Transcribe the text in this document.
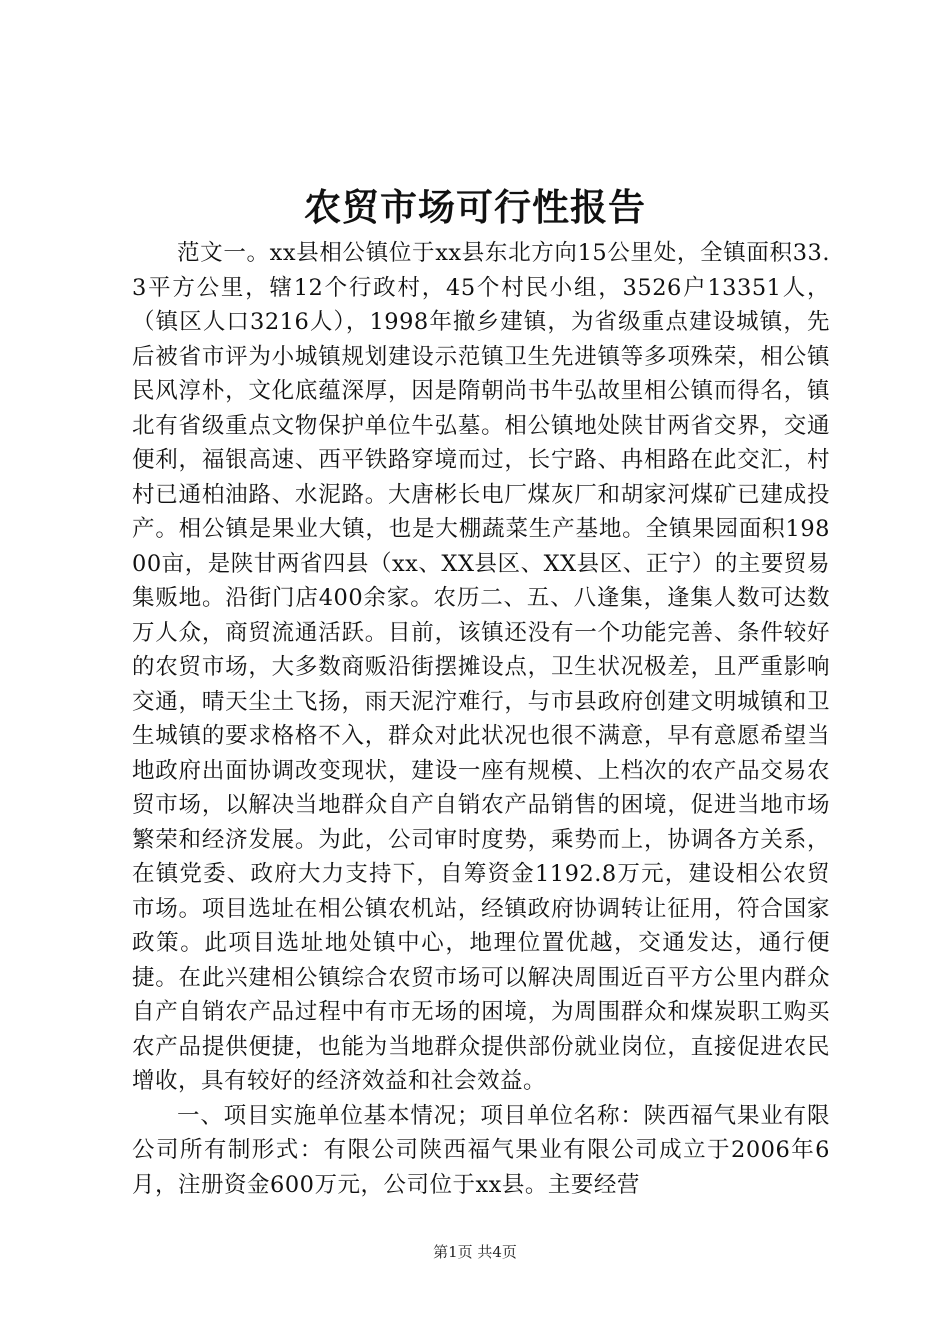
农贸市场可行性报告

范文一。xx县相公镇位于xx县东北方向15公里处，全镇面积33.3平方公里，辖12个行政村，45个村民小组，3526户13351人，（镇区人口3216人），1998年撤乡建镇，为省级重点建设城镇，先后被省市评为小城镇规划建设示范镇卫生先进镇等多项殊荣，相公镇民风淳朴，文化底蕴深厚，因是隋朝尚书牛弘故里相公镇而得名，镇北有省级重点文物保护单位牛弘墓。相公镇地处陕甘两省交界，交通便利，福银高速、西平铁路穿境而过，长宁路、冉相路在此交汇，村村已通柏油路、水泥路。大唐彬长电厂煤灰厂和胡家河煤矿已建成投产。相公镇是果业大镇，也是大棚蔬菜生产基地。全镇果园面积19800亩，是陕甘两省四县（xx、XX县区、XX县区、正宁）的主要贸易集贩地。沿街门店400余家。农历二、五、八逢集，逢集人数可达数万人众，商贸流通活跃。目前，该镇还没有一个功能完善、条件较好的农贸市场，大多数商贩沿街摆摊设点，卫生状况极差，且严重影响交通，晴天尘土飞扬，雨天泥泞难行，与市县政府创建文明城镇和卫生城镇的要求格格不入，群众对此状况也很不满意，早有意愿希望当地政府出面协调改变现状，建设一座有规模、上档次的农产品交易农贸市场，以解决当地群众自产自销农产品销售的困境，促进当地市场繁荣和经济发展。为此，公司审时度势，乘势而上，协调各方关系，在镇党委、政府大力支持下，自筹资金1192.8万元，建设相公农贸市场。项目选址在相公镇农机站，经镇政府协调转让征用，符合国家政策。此项目选址地处镇中心，地理位置优越，交通发达，通行便捷。在此兴建相公镇综合农贸市场可以解决周围近百平方公里内群众自产自销农产品过程中有市无场的困境，为周围群众和煤炭职工购买农产品提供便捷，也能为当地群众提供部份就业岗位，直接促进农民增收，具有较好的经济效益和社会效益。

一、项目实施单位基本情况；项目单位名称：陕西福气果业有限公司所有制形式：有限公司陕西福气果业有限公司成立于2006年6月，注册资金600万元，公司位于xx县。主要经营

第1页 共4页
